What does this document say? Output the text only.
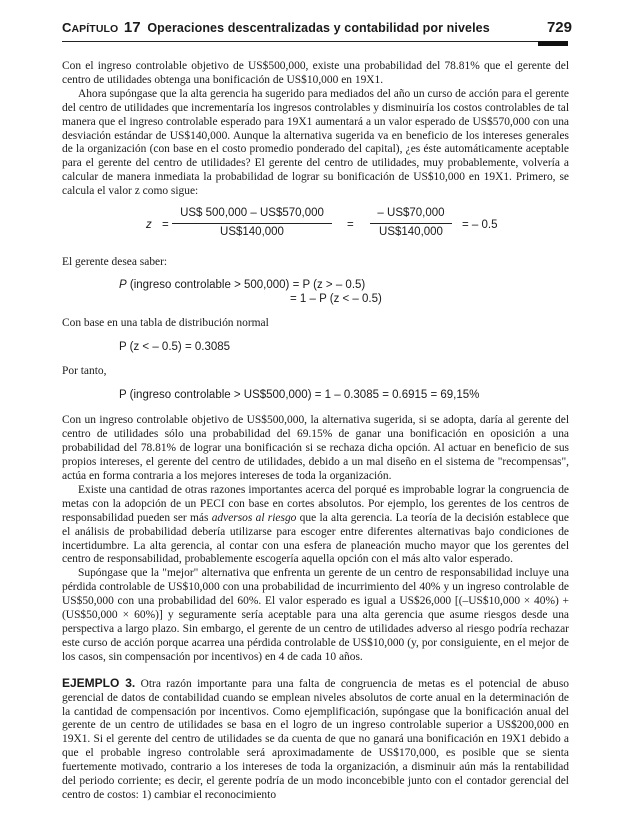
CAPÍTULO 17 Operaciones descentralizadas y contabilidad por niveles	729

Con el ingreso controlable objetivo de US$500,000, existe una probabilidad del 78.81% que el gerente del centro de utilidades obtenga una bonificación de US$10,000 en 19X1.

Ahora supóngase que la alta gerencia ha sugerido para mediados del año un curso de acción para el gerente del centro de utilidades que incrementaría los ingresos controlables y disminuiría los costos controlables de tal manera que el ingreso controlable esperado para 19X1 aumentará a un valor esperado de US$570,000 con una desviación estándar de US$140,000. Aunque la alternativa sugerida va en beneficio de los intereses generales de la organización (con base en el costo promedio ponderado del capital), ¿es éste automáticamente aceptable para el gerente del centro de utilidades? El gerente del centro de utilidades, muy probablemente, volvería a calcular de manera inmediata la probabilidad de lograr su bonificación de US$10,000 en 19X1. Primero, se calcula el valor z como sigue:

$z = \frac{US\$ 500,000 - US\$570,000}{US\$140,000} = \frac{- US\$70,000}{US\$140,000}$ = – 0.5

El gerente desea saber:

P (ingreso controlable > 500,000) = P (z > – 0.5)
= 1 – P (z < – 0.5)

Con base en una tabla de distribución normal

P (z < – 0.5) = 0.3085

Por tanto,

P (ingreso controlable > US$500,000) = 1 – 0.3085 = 0.6915 = 69,15%

Con un ingreso controlable objetivo de US$500,000, la alternativa sugerida, si se adopta, daría al gerente del centro de utilidades sólo una probabilidad del 69.15% de ganar una bonificación en oposición a una probabilidad del 78.81% de lograr una bonificación si se rechaza dicha opción. Al actuar en beneficio de sus propios intereses, el gerente del centro de utilidades, debido a un mal diseño en el sistema de "recompensas", actúa en forma contraria a los mejores intereses de toda la organización.

Existe una cantidad de otras razones importantes acerca del porqué es improbable lograr la congruencia de metas con la adopción de un PECI con base en cortes absolutos. Por ejemplo, los gerentes de los centros de responsabilidad pueden ser más adversos al riesgo que la alta gerencia. La teoría de la decisión establece que el análisis de probabilidad debería utilizarse para escoger entre diferentes alternativas bajo condiciones de incertidumbre. La alta gerencia, al contar con una esfera de planeación mucho mayor que los gerentes del centro de responsabilidad, probablemente escogería aquella opción con el más alto valor esperado.

Supóngase que la "mejor" alternativa que enfrenta un gerente de un centro de responsabilidad incluye una pérdida controlable de US$10,000 con una probabilidad de incurrimiento del 40% y un ingreso controlable de US$50,000 con una probabilidad del 60%. El valor esperado es igual a US$26,000 [(–US$10,000 × 40%) + (US$50,000 × 60%)] y seguramente sería aceptable para una alta gerencia que asume riesgos desde una perspectiva a largo plazo. Sin embargo, el gerente de un centro de utilidades adverso al riesgo podría rechazar este curso de acción porque acarrea una pérdida controlable de US$10,000 (y, por consiguiente, en el mejor de los casos, sin compensación por incentivos) en 4 de cada 10 años.

EJEMPLO 3. Otra razón importante para una falta de congruencia de metas es el potencial de abuso gerencial de datos de contabilidad cuando se emplean niveles absolutos de corte anual en la determinación de la cantidad de compensación por incentivos. Como ejemplificación, supóngase que la bonificación anual del gerente de un centro de utilidades se basa en el logro de un ingreso controlable superior a US$200,000 en 19X1. Si el gerente del centro de utilidades se da cuenta de que no ganará una bonificación en 19X1 debido a que el probable ingreso controlable será aproximadamente de US$170,000, es posible que se sienta fuertemente motivado, contrario a los intereses de toda la organización, a disminuir aún más la rentabilidad del periodo corriente; es decir, el gerente podría de un modo inconcebible junto con el contador gerencial del centro de costos: 1) cambiar el reconocimiento
